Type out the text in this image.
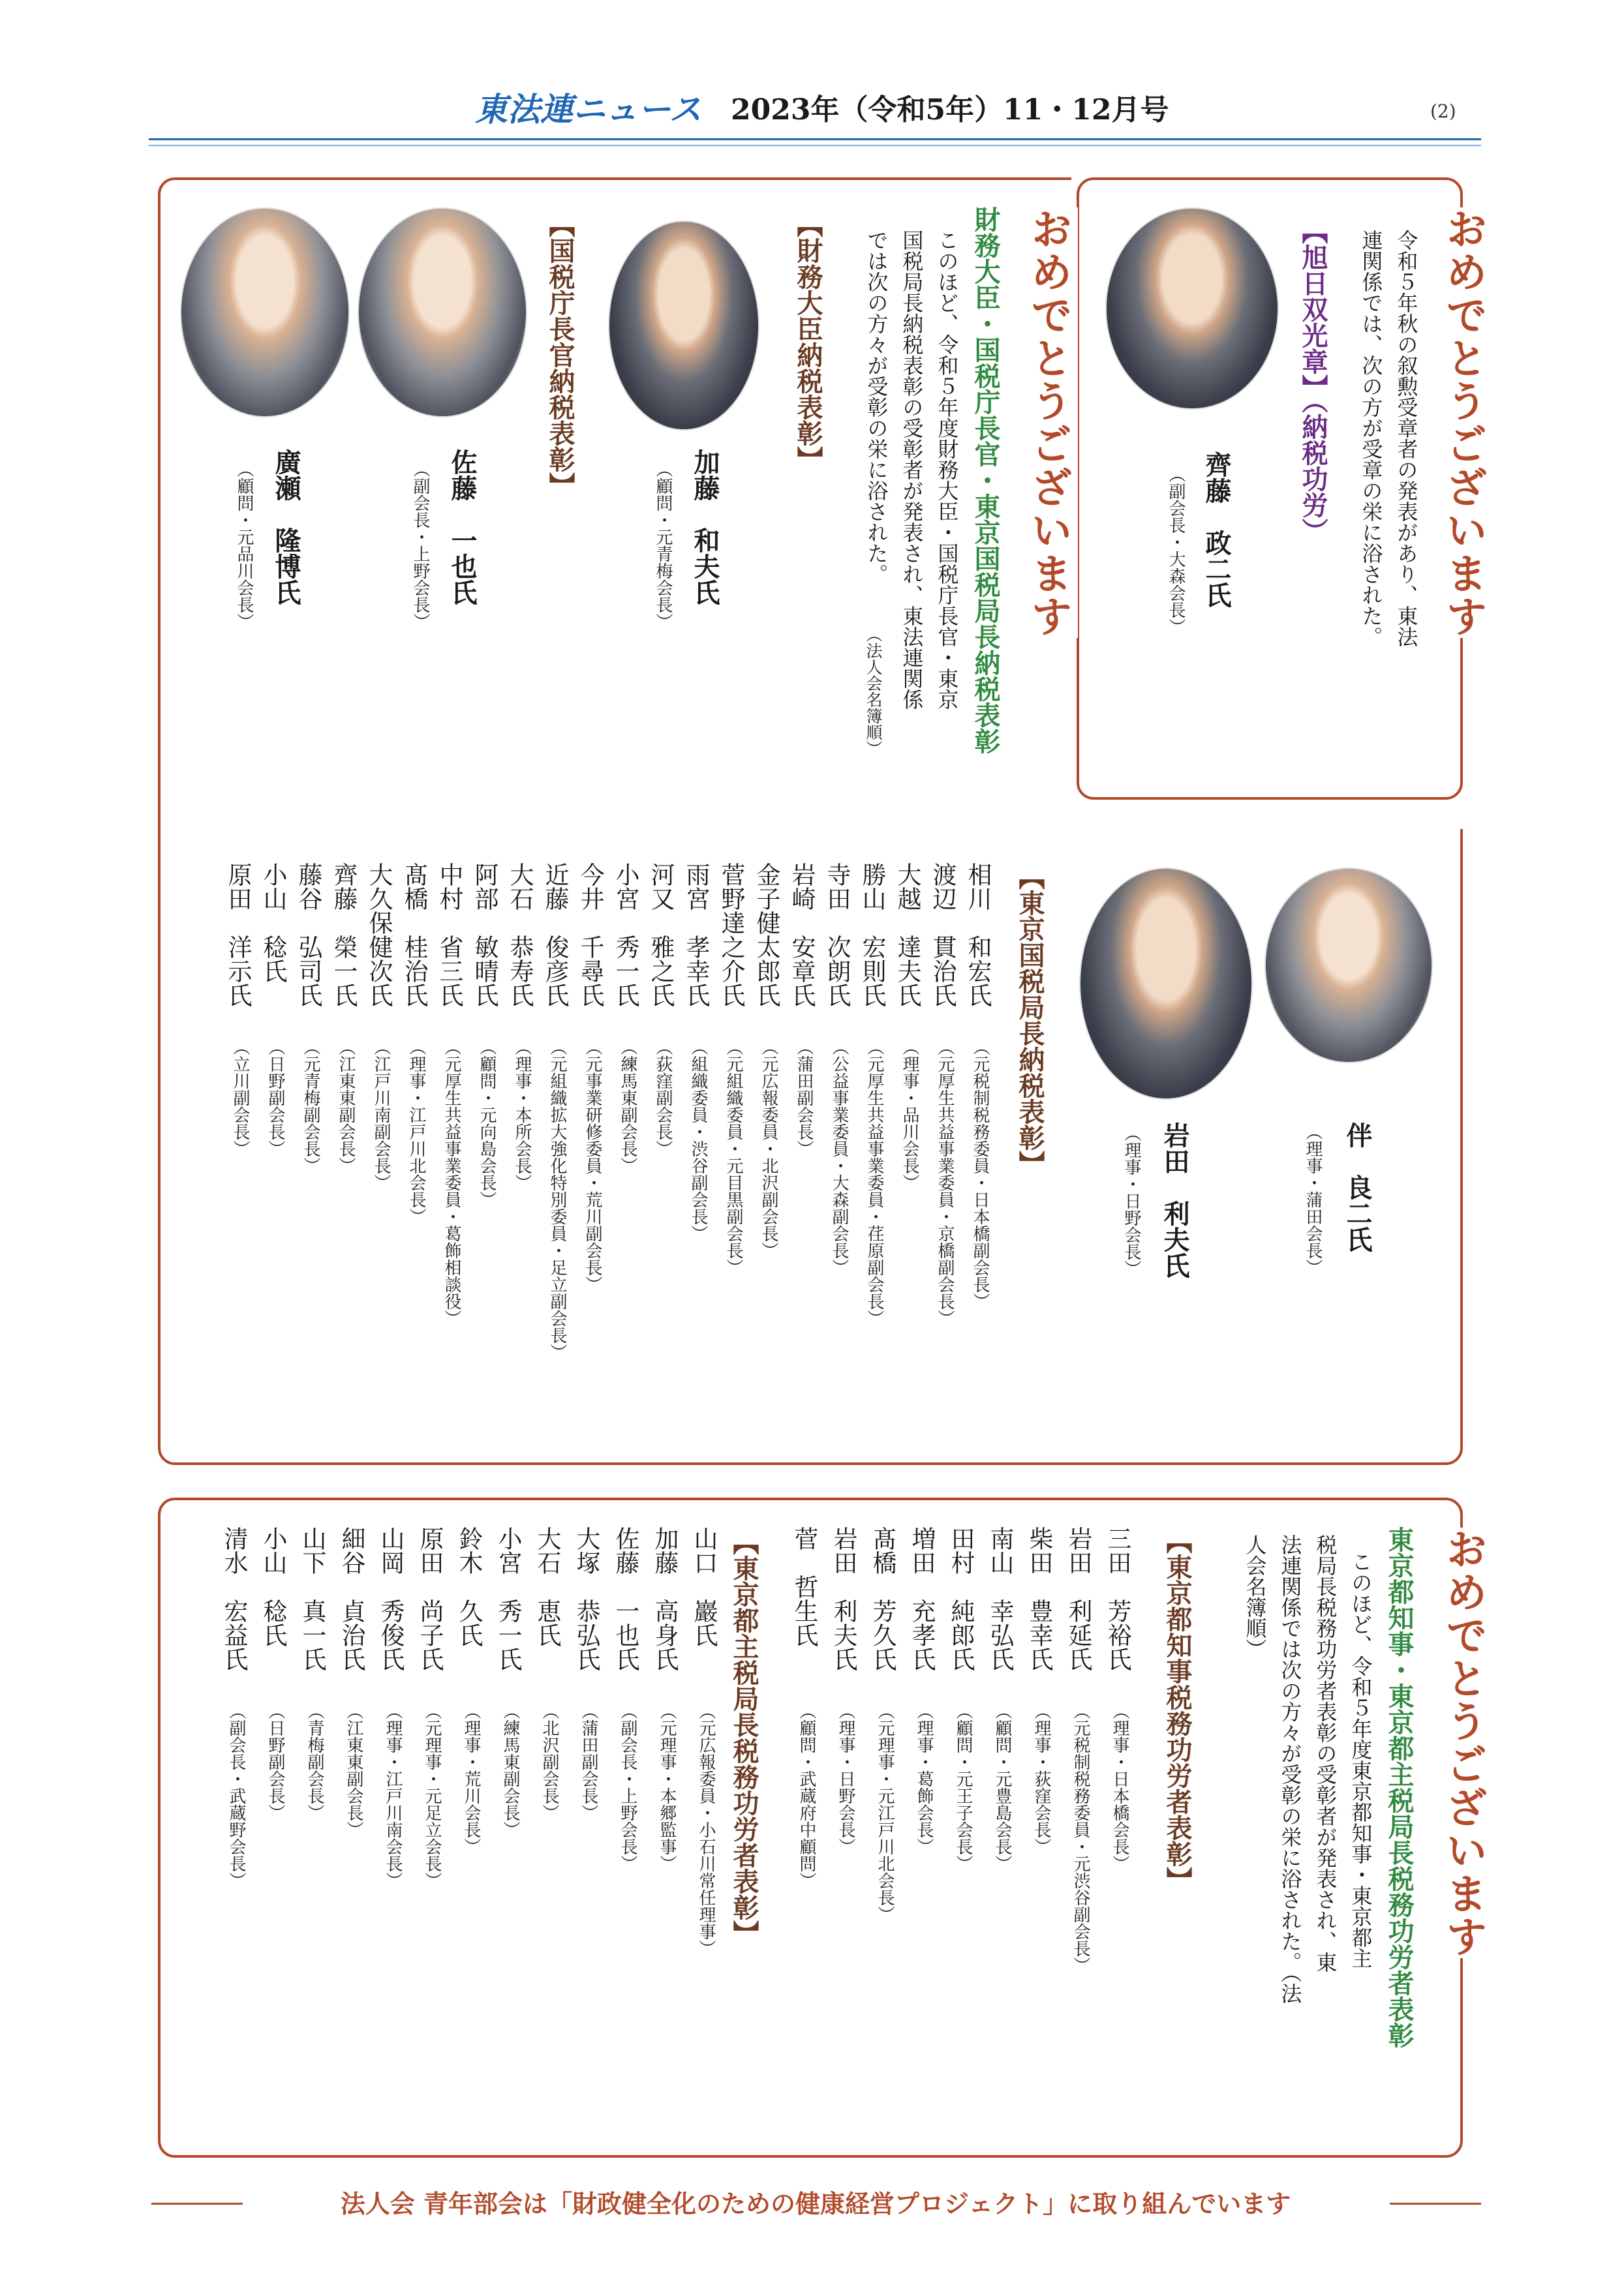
東法連ニュース 2023年（令和5年）11・12月号	(2)
おめでとうございます
令和５年秋の叙勲受章者の発表があり、東法
連関係では、次の方が受章の栄に浴された。
【旭日双光章】（納税功労）
齊藤　政二氏
（副会長・大森会長）
おめでとうございます
財務大臣・国税庁長官・東京国税局長納税表彰
このほど、令和５年度財務大臣・国税庁長官・東京
国税局長納税表彰の受彰者が発表され、東法連関係
では次の方々が受彰の栄に浴された。
（法人会名簿順）
【財務大臣納税表彰】
加藤　和夫氏
（顧問・元青梅会長）
【国税庁長官納税表彰】
佐藤　一也氏
（副会長・上野会長）
廣瀬　隆博氏
（顧問・元品川会長）
伴　良二氏
（理事・蒲田会長）
岩田　利夫氏
（理事・日野会長）
【東京国税局長納税表彰】
相川　和宏氏
（元税制税務委員・日本橋副会長）
渡辺　貫治氏
（元厚生共益事業委員・京橋副会長）
大越　達夫氏
（理事・品川会長）
勝山　宏則氏
（元厚生共益事業委員・荏原副会長）
寺田　次朗氏
（公益事業委員・大森副会長）
岩崎　安章氏
（蒲田副会長）
金子健太郎氏
（元広報委員・北沢副会長）
菅野達之介氏
（元組織委員・元目黒副会長）
雨宮　孝幸氏
（組織委員・渋谷副会長）
河又　雅之氏
（荻窪副会長）
小宮　秀一氏
（練馬東副会長）
今井　千尋氏
（元事業研修委員・荒川副会長）
近藤　俊彦氏
（元組織拡大強化特別委員・足立副会長）
大石　恭寿氏
（理事・本所会長）
阿部　敏晴氏
（顧問・元向島会長）
中村　省三氏
（元厚生共益事業委員・葛飾相談役）
髙橋　桂治氏
（理事・江戸川北会長）
大久保健次氏
（江戸川南副会長）
齊藤　榮一氏
（江東東副会長）
藤谷　弘司氏
（元青梅副会長）
小山　稔氏
（日野副会長）
原田　洋示氏
（立川副会長）
おめでとうございます
東京都知事・東京都主税局長税務功労者表彰
このほど、令和５年度東京都知事・東京都主
税局長税務功労者表彰の受彰者が発表され、東
法連関係では次の方々が受彰の栄に浴された。（法
人会名簿順）
【東京都知事税務功労者表彰】
三田　芳裕氏
（理事・日本橋会長）
岩田　利延氏
（元税制税務委員・元渋谷副会長）
柴田　豊幸氏
（理事・荻窪会長）
南山　幸弘氏
（顧問・元豊島会長）
田村　純郎氏
（顧問・元王子会長）
増田　充孝氏
（理事・葛飾会長）
髙橋　芳久氏
（元理事・元江戸川北会長）
岩田　利夫氏
（理事・日野会長）
菅　哲生氏
（顧問・武蔵府中顧問）
【東京都主税局長税務功労者表彰】
山口　巖氏
（元広報委員・小石川常任理事）
加藤　高身氏
（元理事・本郷監事）
佐藤　一也氏
（副会長・上野会長）
大塚　恭弘氏
（蒲田副会長）
大石　恵氏
（北沢副会長）
小宮　秀一氏
（練馬東副会長）
鈴木　久氏
（理事・荒川会長）
原田　尚子氏
（元理事・元足立会長）
山岡　秀俊氏
（理事・江戸川南会長）
細谷　貞治氏
（江東東副会長）
山下　真一氏
（青梅副会長）
小山　稔氏
（日野副会長）
清水　宏益氏
（副会長・武蔵野会長）
法人会 青年部会は「財政健全化のための健康経営プロジェクト」に取り組んでいます
